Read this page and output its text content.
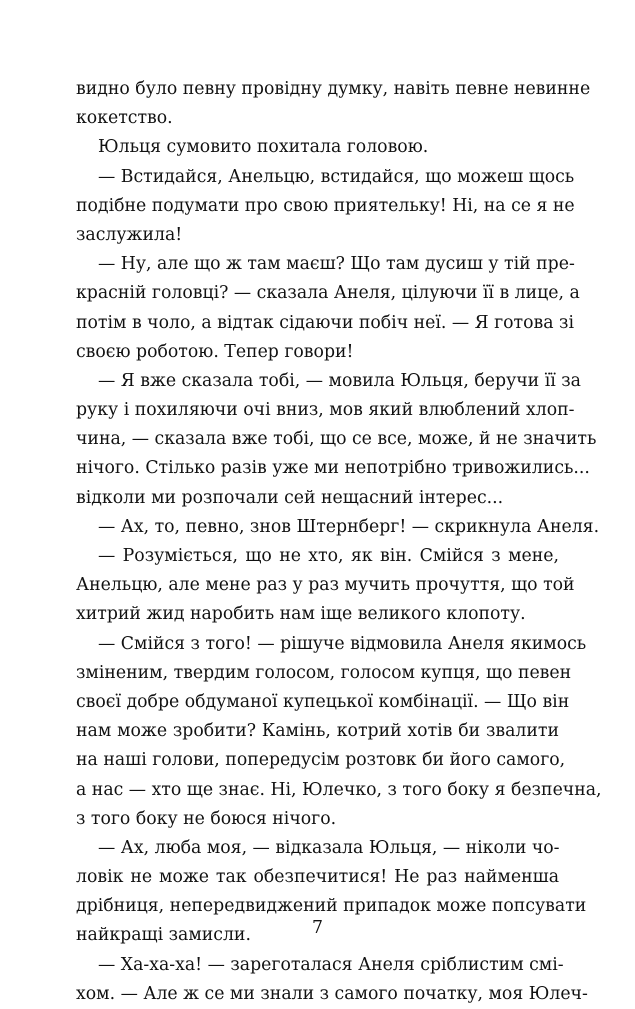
видно було певну провідну думку, навіть певне невинне
кокетство.
Юльця сумовито похитала головою.
— Встидайся, Анельцю, встидайся, що можеш щось
подібне подумати про свою приятельку! Ні, на се я не
заслужила!
— Ну, але що ж там маєш? Що там дусиш у тій пре-
красній головці? — сказала Анеля, цілуючи її в лице, а
потім в чоло, а відтак сідаючи побіч неї. — Я готова зі
своєю роботою. Тепер говори!
— Я вже сказала тобі, — мовила Юльця, беручи її за
руку і похиляючи очі вниз, мов який влюблений хлоп-
чина, — сказала вже тобі, що се все, може, й не значить
нічого. Стілько разів уже ми непотрібно тривожились...
відколи ми розпочали сей нещасний інтерес...
— Ах, то, певно, знов Штернберг! — скрикнула Анеля.
— Розуміється, що не хто, як він. Смійся з мене,
Анельцю, але мене раз у раз мучить прочуття, що той
хитрий жид наробить нам іще великого клопоту.
— Смійся з того! — рішуче відмовила Анеля якимось
зміненим, твердим голосом, голосом купця, що певен
своєї добре обдуманої купецької комбінації. — Що він
нам може зробити? Камінь, котрий хотів би звалити
на наші голови, попередусім розтовк би його самого,
а нас — хто ще знає. Ні, Юлечко, з того боку я безпечна,
з того боку не боюся нічого.
— Ах, люба моя, — відказала Юльця, — ніколи чо-
ловік не може так обезпечитися! Не раз найменша
дрібниця, непередвиджений припадок може попсувати
найкращі замисли.
— Ха-ха-ха! — зареготалася Анеля сріблистим смі-
хом. — Але ж се ми знали з самого початку, моя Юлеч-
7
